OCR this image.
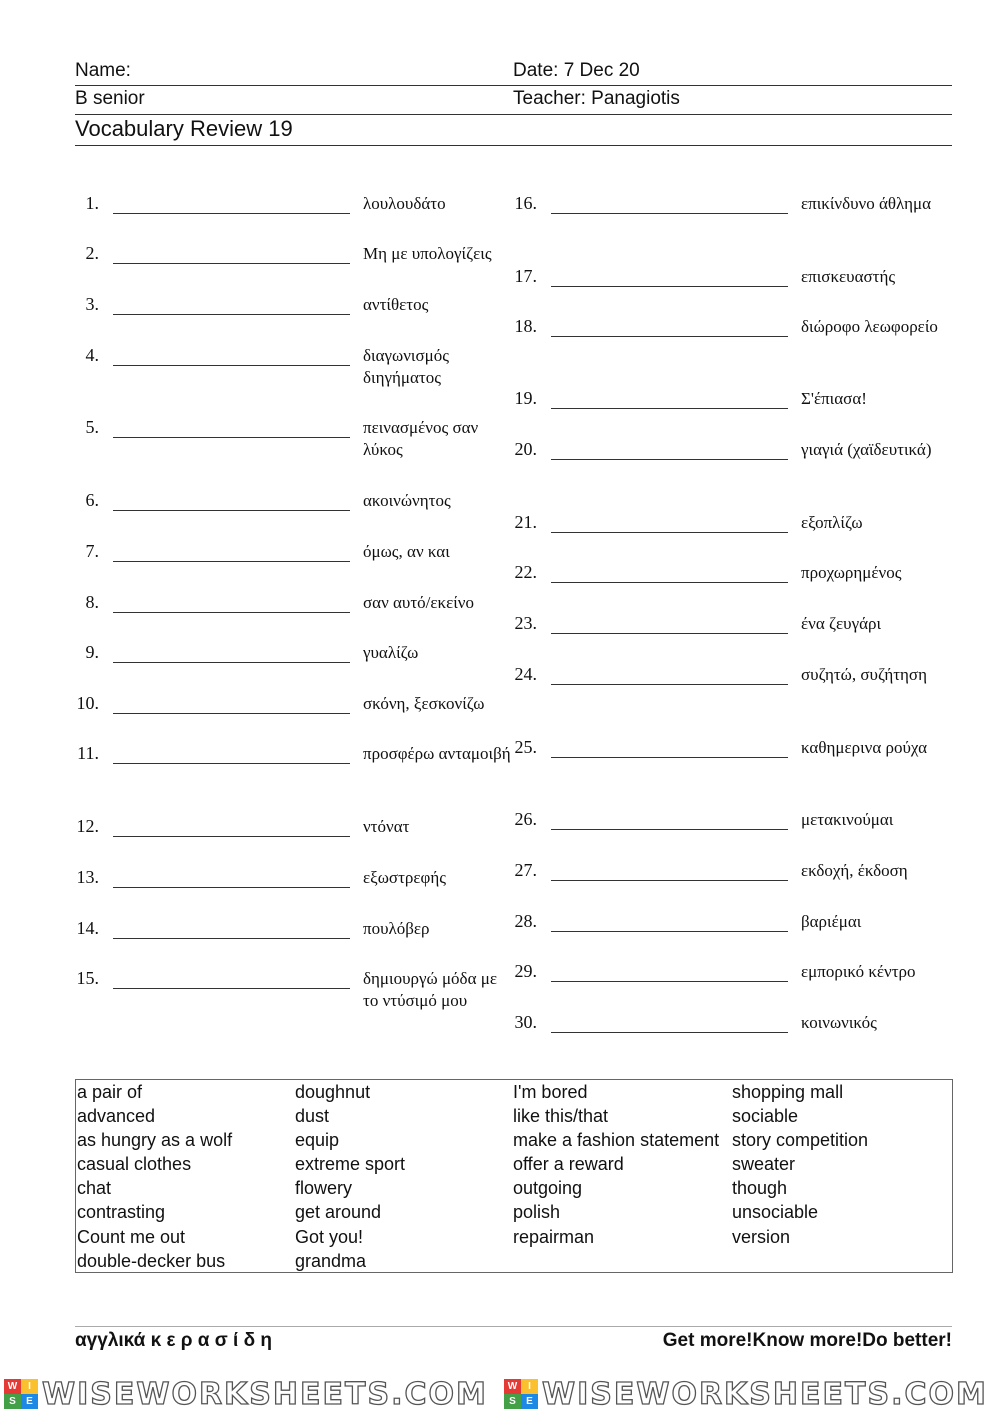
Name:	Date: 7 Dec 20
B senior	Teacher: Panagiotis
Vocabulary Review 19
1.	λουλουδάτο
2.	Μη με υπολογίζεις
3.	αντίθετος
4.	διαγωνισμός διηγήματος
5.	πεινασμένος σαν λύκος
6.	ακοινώνητος
7.	όμως, αν και
8.	σαν αυτό/εκείνο
9.	γυαλίζω
10.	σκόνη, ξεσκονίζω
11.	προσφέρω ανταμοιβή
12.	ντόνατ
13.	εξωστρεφής
14.	πουλόβερ
15.	δημιουργώ μόδα με το ντύσιμό μου
16.	επικίνδυνο άθλημα
17.	επισκευαστής
18.	διώροφο λεωφορείο
19.	Σ'έπιασα!
20.	γιαγιά (χαϊδευτικά)
21.	εξοπλίζω
22.	προχωρημένος
23.	ένα ζευγάρι
24.	συζητώ, συζήτηση
25.	καθημερινα ρούχα
26.	μετακινούμαι
27.	εκδοχή, έκδοση
28.	βαριέμαι
29.	εμπορικό κέντρο
30.	κοινωνικός
a pair of
advanced
as hungry as a wolf
casual clothes
chat
contrasting
Count me out
double-decker bus
doughnut
dust
equip
extreme sport
flowery
get around
Got you!
grandma
I'm bored
like this/that
make a fashion statement
offer a reward
outgoing
polish
repairman
shopping mall
sociable
story competition
sweater
though
unsociable
version
αγγλικά κ ε ρ α σ ί δ η	Get more!Know more!Do better!
W	I
S	E WISEWORKSHEETS.COM	W	I
S	E WISEWORKSHEETS.COM
